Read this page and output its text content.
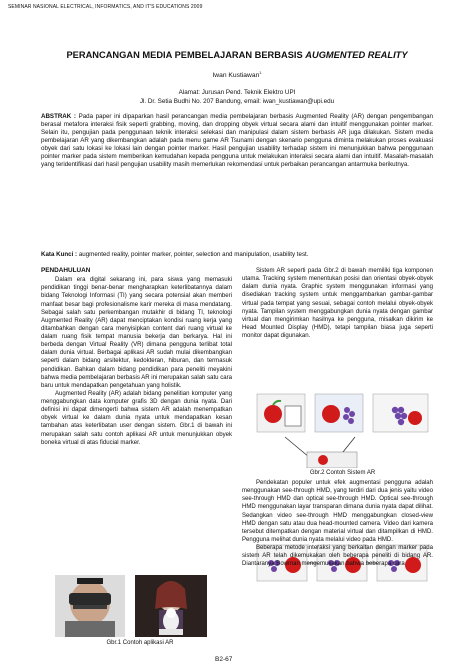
SEMINAR NASIONAL ELECTRICAL, INFORMATICS, AND IT'S EDUCATIONS 2009
PERANCANGAN MEDIA PEMBELAJARAN BERBASIS AUGMENTED REALITY
Iwan Kustiawan$^1$
Alamat: Jurusan Pend. Teknik Elektro UPI
Jl. Dr. Setia Budhi No. 207 Bandung, email: iwan_kustiawan@upi.edu
ABSTRAK : Pada paper ini dipaparkan hasil perancangan media pembelajaran berbasis Augmented Reality (AR) dengan pengembangan berasal metafora interaksi fisik seperti grabbing, moving, dan dropping obyek virtual secara alami dan intuitif menggunakan pointer marker. Selain itu, pengujian pada penggunaan teknik interaksi selekasi dan manipulasi dalam sistem berbasis AR juga dilakukan. Sistem media pembelajaran AR yang dikembangkan adalah pada menu game AR Tsunami dengan skenario pengguna diminta melakukan proses evakuasi obyek dari satu lokasi ke lokasi lain dengan pointer marker. Hasil pengujian usability terhadap sistem ini menunjukkan bahwa penggunaan pointer marker pada sistem memberikan kemudahan kepada pengguna untuk melakukan interaksi secara alami dan intuitif. Masalah-masalah yang teridentifikasi dari hasil pengujian usability masih memerlukan rekomendasi untuk perbaikan perancangan antarmuka berikutnya.
Kata Kunci : augmented reality, pointer marker, pointer, selection and manipulation, usability test.
PENDAHULUAN

Dalam era digital sekarang ini, para siswa yang memasuki pendidikan tinggi benar-benar mengharapkan keterlibatannya dalam bidang Teknologi Informasi (TI) yang secara potensial akan memberi manfaat besar bagi profesionalisme karir mereka di masa mendatang. Sebagai salah satu perkembangan mutakhir di bidang TI, teknologi Augmented Reality (AR) dapat menciptakan kondisi ruang kerja yang ditambahkan dengan cara menyisipkan content dari ruang virtual ke dalam ruang fisik tempat manusia bekerja dan berkarya. Hal ini berbeda dengan Virtual Reality (VR) dimana pengguna terlibat total dalam dunia virtual. Berbagai aplikasi AR sudah mulai dikembangkan seperti dalam bidang arsitektur, kedokteran, hiburan, dan termasuk pendidikan. Bahkan dalam bidang pendidikan para peneliti meyakini bahwa media pembelajaran berbasis AR ini merupakan salah satu cara baru untuk mendapatkan pengetahuan yang holistik.

Augmented Reality (AR) adalah bidang penelitian komputer yang menggabungkan data komputer grafis 3D dengan dunia nyata. Dari definisi ini dapat dimengerti bahwa sistem AR adalah menempatkan obyek virtual ke dalam dunia nyata untuk mendapatkan kesan tambahan atas keterlibatan user dengan sistem. Gbr.1 di bawah ini merupakan salah satu contoh aplikasi AR untuk menunjukkan obyek boneka virtual di atas fiducial marker.

Gbr.1 Contoh aplikasi AR

Sistem AR seperti pada Gbr.2 di bawah memiliki tiga komponen utama. Tracking system menentukan posisi dan orientasi obyek-obyek dalam dunia nyata. Graphic system menggunakan informasi yang disediakan tracking system untuk menggambarkan gambar-gambar virtual pada tempat yang sesuai, sebagai contoh melalui obyek-obyek nyata. Tampilan system menggabungkan dunia nyata dengan gambar virtual dan mengirimkan hasilnya ke pengguna, misalkan dikirim ke Head Mounted Display (HMD), tetapi tampilan biasa juga seperti monitor dapat digunakan.

Gbr.2 Contoh Sistem AR

Pendekatan populer untuk efek augmentasi pengguna adalah menggunakan see-through HMD, yang terdiri dari dua jenis yaitu video see-through HMD dan optical see-through HMD. Optical see-through HMD menggunakan layar transparan dimana dunia nyata dapat dilihat. Sedangkan video see-through HMD menggabungkan closed-view HMD dengan satu atau dua head-mounted camera. Video dari kamera tersebut ditempatkan dengan material virtual dan ditampilkan di HMD. Pengguna melihat dunia nyata melalui video pada HMD.

Beberapa metode interaksi yang berkaitan dengan marker pada sistem AR telah dikemukakan oleh beberapa peneliti di bidang AR. Diantaranya Bowman mengemukakan bahwa beberapa cara

B2-67
